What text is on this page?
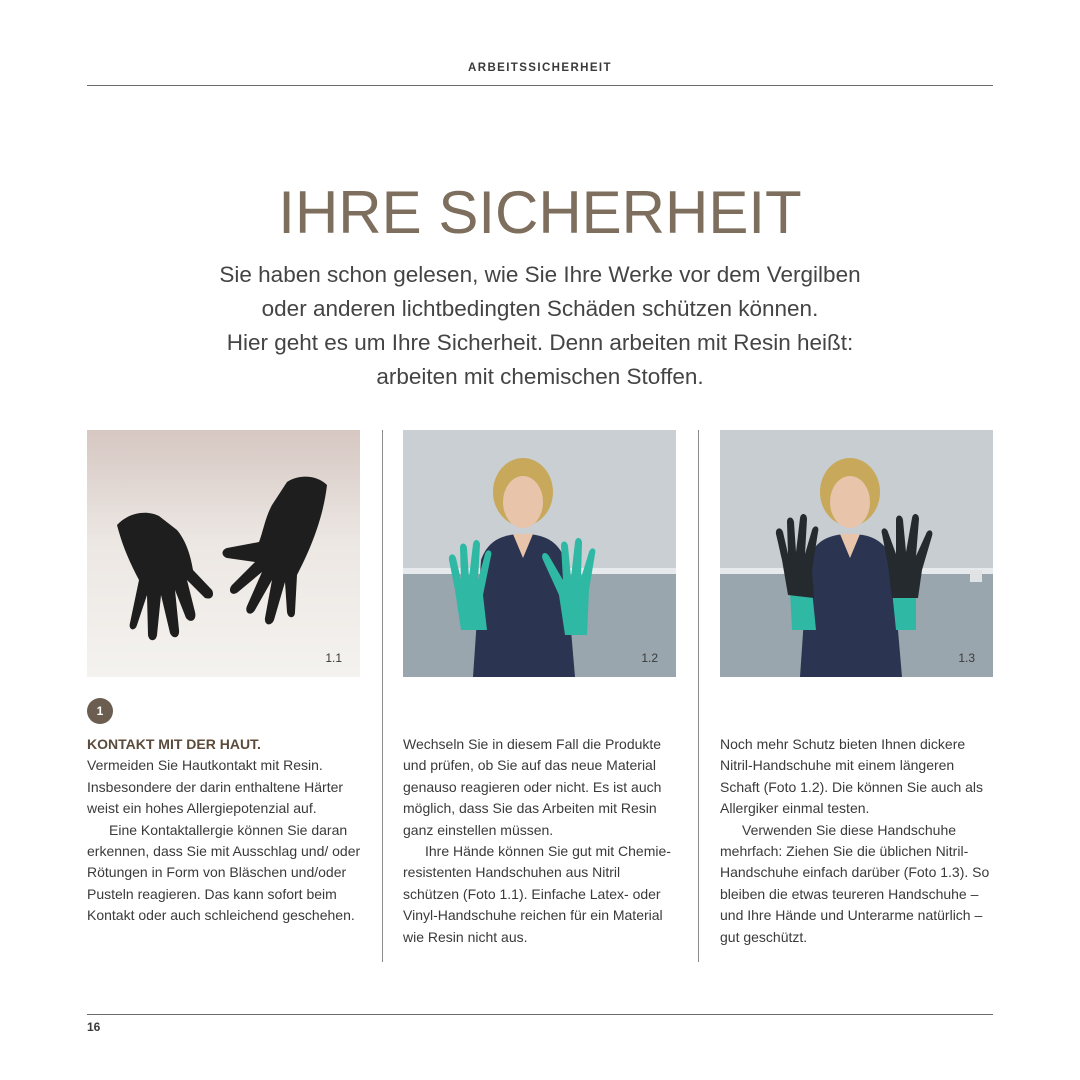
ARBEITSSICHERHEIT
IHRE SICHERHEIT

Sie haben schon gelesen, wie Sie Ihre Werke vor dem Vergilben
oder anderen lichtbedingten Schäden schützen können.
Hier geht es um Ihre Sicherheit. Denn arbeiten mit Resin heißt:
arbeiten mit chemischen Stoffen.

1.1	1.2	1.3
1

KONTAKT MIT DER HAUT.

Vermeiden Sie Hautkontakt mit Resin. Insbesondere der darin enthaltene Härter weist ein hohes Allergiepotenzial auf.

Eine Kontaktallergie können Sie daran erkennen, dass Sie mit Ausschlag und/ oder Rötungen in Form von Bläschen und/oder Pusteln reagieren. Das kann sofort beim Kontakt oder auch schleichend geschehen.

Wechseln Sie in diesem Fall die Produkte und prüfen, ob Sie auf das neue Material genauso reagieren oder nicht. Es ist auch möglich, dass Sie das Arbeiten mit Resin ganz einstellen müssen.

Ihre Hände können Sie gut mit Chemie-resistenten Handschuhen aus Nitril schützen (Foto 1.1). Einfache Latex- oder Vinyl-Handschuhe reichen für ein Material wie Resin nicht aus.

Noch mehr Schutz bieten Ihnen dickere Nitril-Handschuhe mit einem längeren Schaft (Foto 1.2). Die können Sie auch als Allergiker einmal testen.

Verwenden Sie diese Handschuhe mehrfach: Ziehen Sie die üblichen Nitril-Handschuhe einfach darüber (Foto 1.3). So bleiben die etwas teureren Handschuhe – und Ihre Hände und Unterarme natürlich – gut geschützt.

16
